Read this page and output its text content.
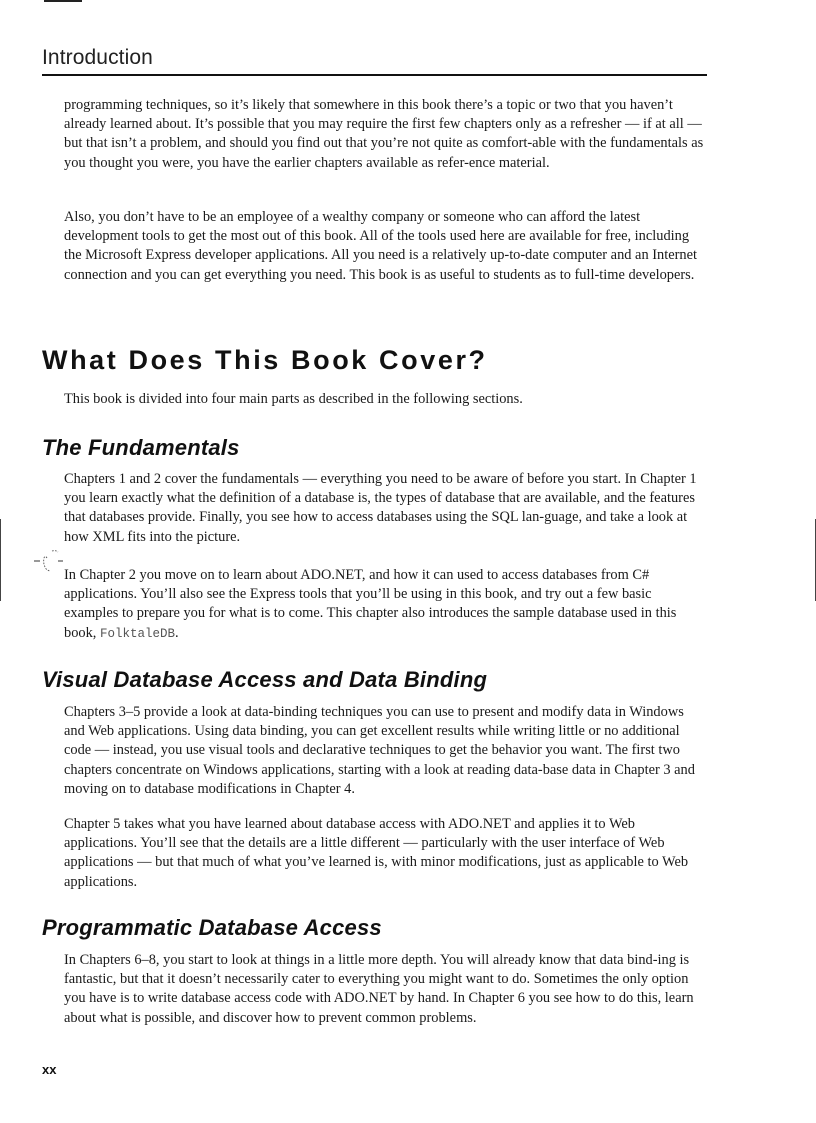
Introduction

programming techniques, so it’s likely that somewhere in this book there’s a topic or two that you haven’t already learned about. It’s possible that you may require the first few chapters only as a refresher — if at all — but that isn’t a problem, and should you find out that you’re not quite as comfort-able with the fundamentals as you thought you were, you have the earlier chapters available as refer-ence material.

Also, you don’t have to be an employee of a wealthy company or someone who can afford the latest development tools to get the most out of this book. All of the tools used here are available for free, including the Microsoft Express developer applications. All you need is a relatively up-to-date computer and an Internet connection and you can get everything you need. This book is as useful to students as to full-time developers.

What Does This Book Cover?

This book is divided into four main parts as described in the following sections.

The Fundamentals

Chapters 1 and 2 cover the fundamentals — everything you need to be aware of before you start. In Chapter 1 you learn exactly what the definition of a database is, the types of database that are available, and the features that databases provide. Finally, you see how to access databases using the SQL lan-guage, and take a look at how XML fits into the picture.

In Chapter 2 you move on to learn about ADO.NET, and how it can used to access databases from C# applications. You’ll also see the Express tools that you’ll be using in this book, and try out a few basic examples to prepare you for what is to come. This chapter also introduces the sample database used in this book, FolktaleDB.

Visual Database Access and Data Binding

Chapters 3–5 provide a look at data-binding techniques you can use to present and modify data in Windows and Web applications. Using data binding, you can get excellent results while writing little or no additional code — instead, you use visual tools and declarative techniques to get the behavior you want. The first two chapters concentrate on Windows applications, starting with a look at reading data-base data in Chapter 3 and moving on to database modifications in Chapter 4.

Chapter 5 takes what you have learned about database access with ADO.NET and applies it to Web applications. You’ll see that the details are a little different — particularly with the user interface of Web applications — but that much of what you’ve learned is, with minor modifications, just as applicable to Web applications.

Programmatic Database Access

In Chapters 6–8, you start to look at things in a little more depth. You will already know that data bind-ing is fantastic, but that it doesn’t necessarily cater to everything you might want to do. Sometimes the only option you have is to write database access code with ADO.NET by hand. In Chapter 6 you see how to do this, learn about what is possible, and discover how to prevent common problems.

xx
